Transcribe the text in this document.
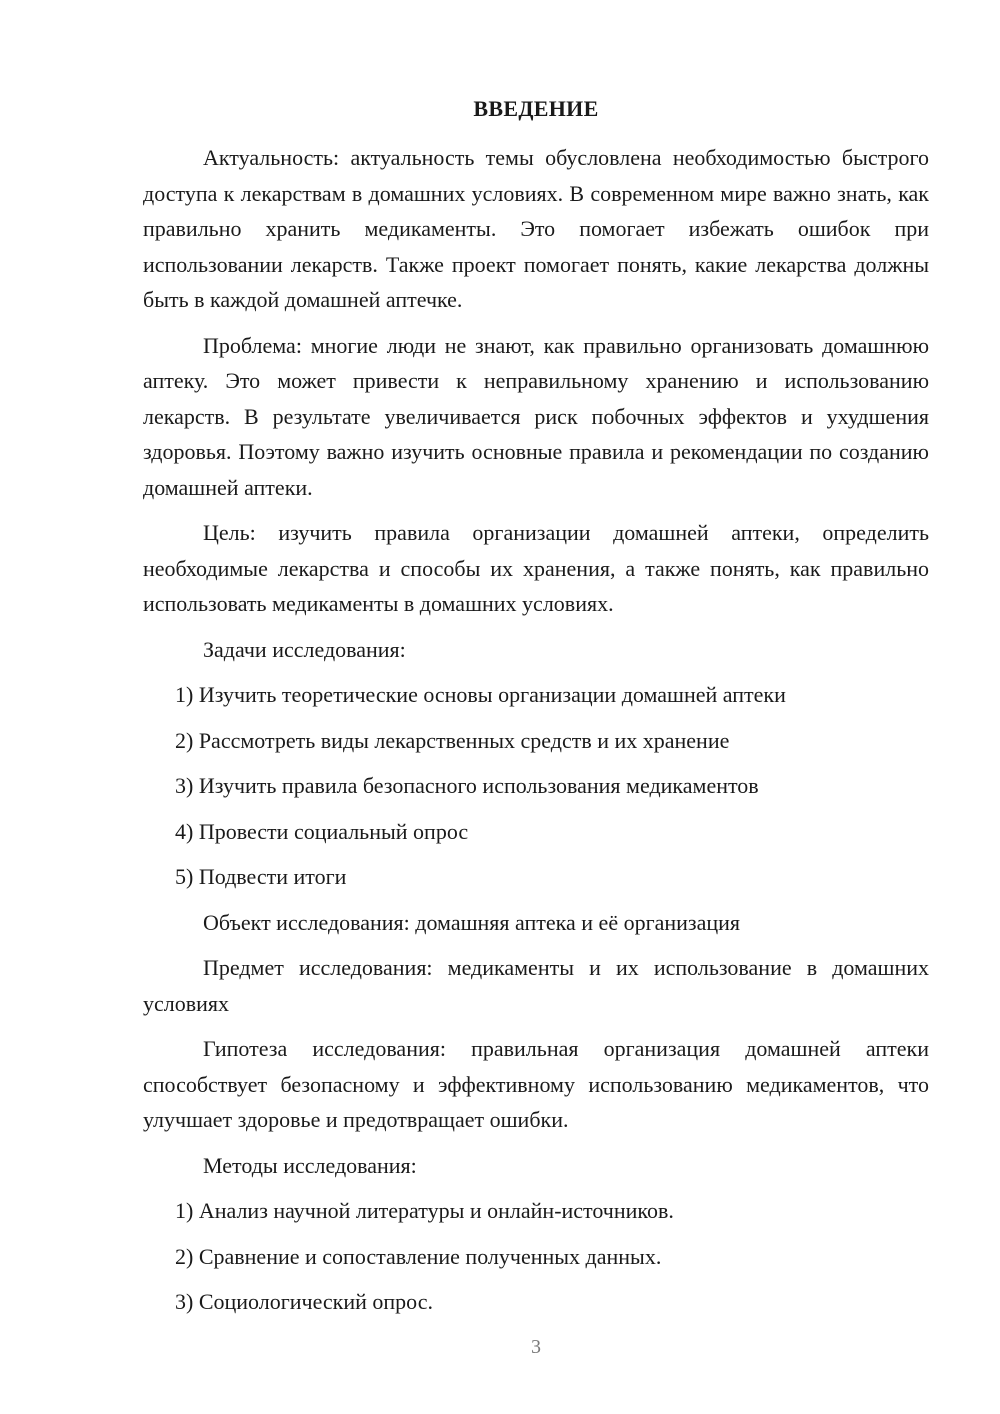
ВВЕДЕНИЕ

Актуальность: актуальность темы обусловлена необходимостью быстрого доступа к лекарствам в домашних условиях. В современном мире важно знать, как правильно хранить медикаменты. Это помогает избежать ошибок при использовании лекарств. Также проект помогает понять, какие лекарства должны быть в каждой домашней аптечке.

Проблема: многие люди не знают, как правильно организовать домашнюю аптеку. Это может привести к неправильному хранению и использованию лекарств. В результате увеличивается риск побочных эффектов и ухудшения здоровья. Поэтому важно изучить основные правила и рекомендации по созданию домашней аптеки.

Цель: изучить правила организации домашней аптеки, определить необходимые лекарства и способы их хранения, а также понять, как правильно использовать медикаменты в домашних условиях.

Задачи исследования:

1) Изучить теоретические основы организации домашней аптеки

2) Рассмотреть виды лекарственных средств и их хранение

3) Изучить правила безопасного использования медикаментов

4) Провести социальный опрос

5) Подвести итоги

Объект исследования: домашняя аптека и её организация

Предмет исследования: медикаменты и их использование в домашних условиях

Гипотеза исследования: правильная организация домашней аптеки способствует безопасному и эффективному использованию медикаментов, что улучшает здоровье и предотвращает ошибки.

Методы исследования:

1) Анализ научной литературы и онлайн-источников.

2) Сравнение и сопоставление полученных данных.

3) Социологический опрос.

3
